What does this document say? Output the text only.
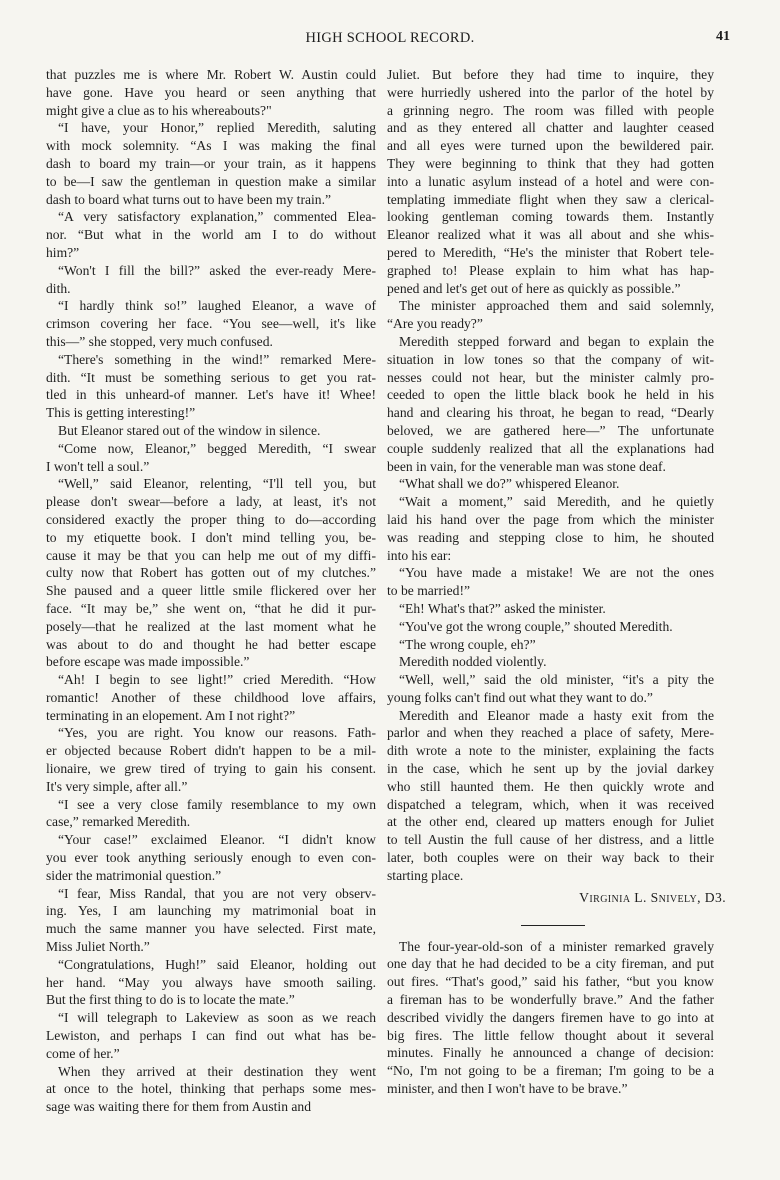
HIGH SCHOOL RECORD.	41
that puzzles me is where Mr. Robert W. Austin could
have gone. Have you heard or seen anything that
might give a clue as to his whereabouts?"
“I have, your Honor,” replied Meredith, saluting
with mock solemnity. “As I was making the final
dash to board my train—or your train, as it happens
to be—I saw the gentleman in question make a similar
dash to board what turns out to have been my train.”
“A very satisfactory explanation,” commented Elea-
nor. “But what in the world am I to do without
him?”
“Won't I fill the bill?” asked the ever-ready Mere-
dith.
“I hardly think so!” laughed Eleanor, a wave of
crimson covering her face. “You see—well, it's like
this—” she stopped, very much confused.
“There's something in the wind!” remarked Mere-
dith. “It must be something serious to get you rat-
tled in this unheard-of manner. Let's have it! Whee!
This is getting interesting!”
But Eleanor stared out of the window in silence.
“Come now, Eleanor,” begged Meredith, “I swear
I won't tell a soul.”
“Well,” said Eleanor, relenting, “I'll tell you, but
please don't swear—before a lady, at least, it's not
considered exactly the proper thing to do—according
to my etiquette book. I don't mind telling you, be-
cause it may be that you can help me out of my diffi-
culty now that Robert has gotten out of my clutches.”
She paused and a queer little smile flickered over her
face. “It may be,” she went on, “that he did it pur-
posely—that he realized at the last moment what he
was about to do and thought he had better escape
before escape was made impossible.”
“Ah! I begin to see light!” cried Meredith. “How
romantic! Another of these childhood love affairs,
terminating in an elopement. Am I not right?”
“Yes, you are right. You know our reasons. Fath-
er objected because Robert didn't happen to be a mil-
lionaire, we grew tired of trying to gain his consent.
It's very simple, after all.”
“I see a very close family resemblance to my own
case,” remarked Meredith.
“Your case!” exclaimed Eleanor. “I didn't know
you ever took anything seriously enough to even con-
sider the matrimonial question.”
“I fear, Miss Randal, that you are not very observ-
ing. Yes, I am launching my matrimonial boat in
much the same manner you have selected. First mate,
Miss Juliet North.”
“Congratulations, Hugh!” said Eleanor, holding out
her hand. “May you always have smooth sailing.
But the first thing to do is to locate the mate.”
“I will telegraph to Lakeview as soon as we reach
Lewiston, and perhaps I can find out what has be-
come of her.”
When they arrived at their destination they went
at once to the hotel, thinking that perhaps some mes-
sage was waiting there for them from Austin and
Juliet. But before they had time to inquire, they
were hurriedly ushered into the parlor of the hotel by
a grinning negro. The room was filled with people
and as they entered all chatter and laughter ceased
and all eyes were turned upon the bewildered pair.
They were beginning to think that they had gotten
into a lunatic asylum instead of a hotel and were con-
templating immediate flight when they saw a clerical-
looking gentleman coming towards them. Instantly
Eleanor realized what it was all about and she whis-
pered to Meredith, “He's the minister that Robert tele-
graphed to! Please explain to him what has hap-
pened and let's get out of here as quickly as possible.”
The minister approached them and said solemnly,
“Are you ready?”
Meredith stepped forward and began to explain the
situation in low tones so that the company of wit-
nesses could not hear, but the minister calmly pro-
ceeded to open the little black book he held in his
hand and clearing his throat, he began to read, “Dearly
beloved, we are gathered here—” The unfortunate
couple suddenly realized that all the explanations had
been in vain, for the venerable man was stone deaf.
“What shall we do?” whispered Eleanor.
“Wait a moment,” said Meredith, and he quietly
laid his hand over the page from which the minister
was reading and stepping close to him, he shouted
into his ear:
“You have made a mistake! We are not the ones
to be married!”
“Eh! What's that?” asked the minister.
“You've got the wrong couple,” shouted Meredith.
“The wrong couple, eh?”
Meredith nodded violently.
“Well, well,” said the old minister, “it's a pity the
young folks can't find out what they want to do.”
Meredith and Eleanor made a hasty exit from the
parlor and when they reached a place of safety, Mere-
dith wrote a note to the minister, explaining the facts
in the case, which he sent up by the jovial darkey
who still haunted them. He then quickly wrote and
dispatched a telegram, which, when it was received
at the other end, cleared up matters enough for Juliet
to tell Austin the full cause of her distress, and a little
later, both couples were on their way back to their
starting place.
Virginia L. Snively, D3.
The four-year-old-son of a minister remarked gravely
one day that he had decided to be a city fireman, and put
out fires. “That's good,” said his father, “but you know
a fireman has to be wonderfully brave.” And the father
described vividly the dangers firemen have to go into at
big fires. The little fellow thought about it several
minutes. Finally he announced a change of decision:
“No, I'm not going to be a fireman; I'm going to be a
minister, and then I won't have to be brave.”
